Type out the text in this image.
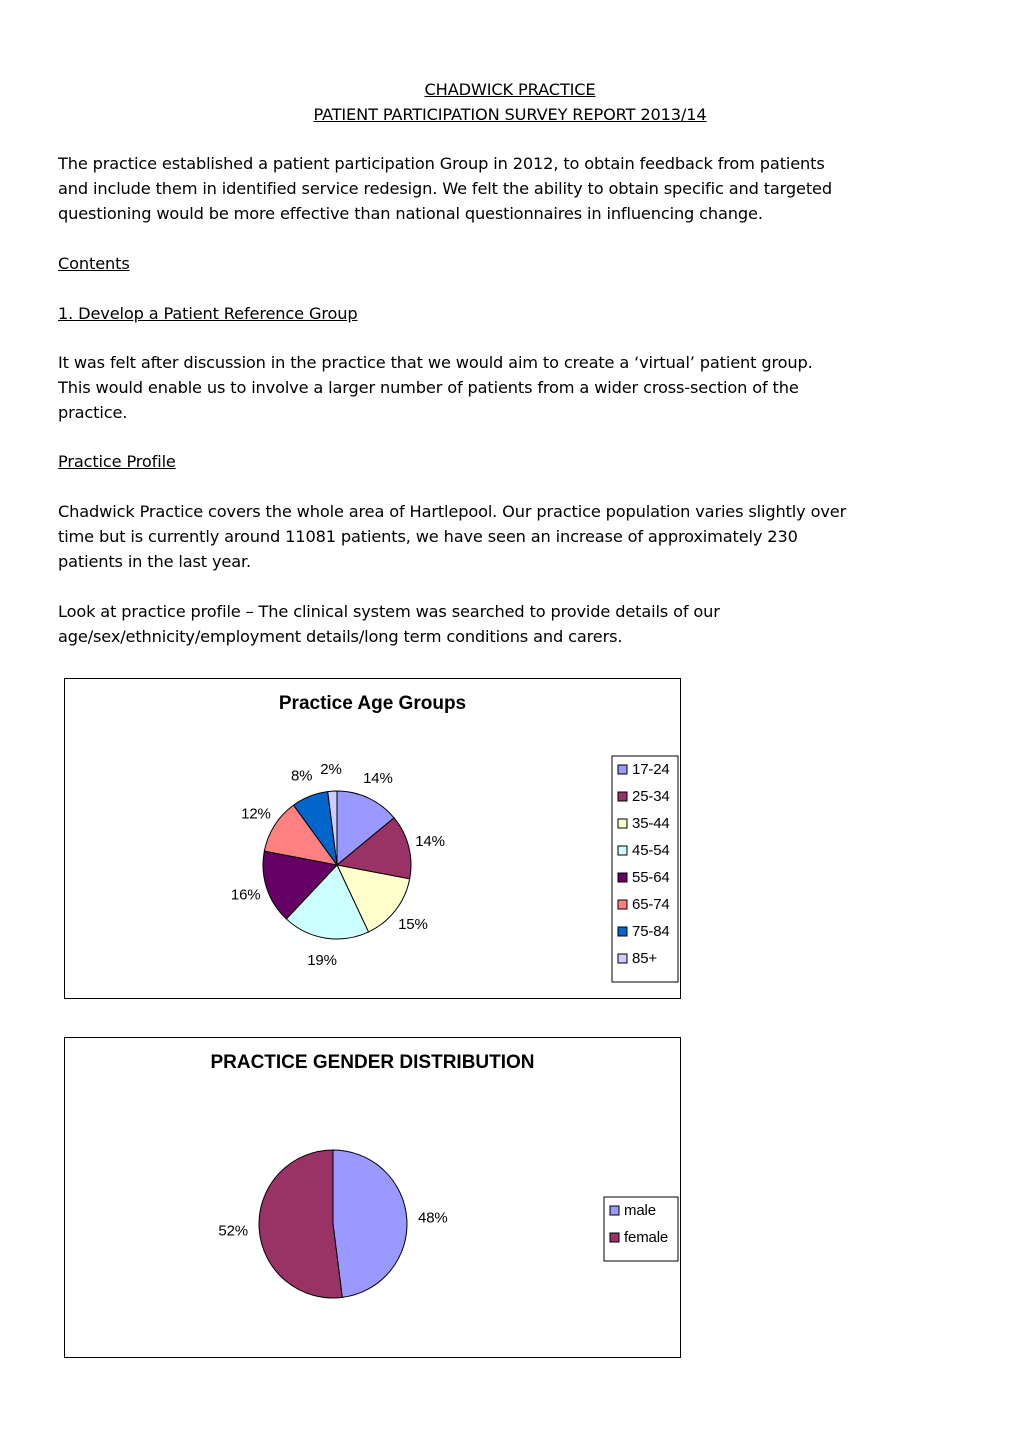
CHADWICK PRACTICE
PATIENT PARTICIPATION SURVEY REPORT 2013/14
The practice established a patient participation Group in 2012, to obtain feedback from patients
and include them in identified service redesign. We felt the ability to obtain specific and targeted
questioning would be more effective than national questionnaires in influencing change.
Contents
1. Develop a Patient Reference Group
It was felt after discussion in the practice that we would aim to create a ‘virtual’ patient group.
This would enable us to involve a larger number of patients from a wider cross-section of the
practice.
Practice Profile
Chadwick Practice covers the whole area of Hartlepool. Our practice population varies slightly over
time but is currently around 11081 patients, we have seen an increase of approximately 230
patients in the last year.
Look at practice profile – The clinical system was searched to provide details of our
age/sex/ethnicity/employment details/long term conditions and carers.
Practice Age Groups
14%
14%
15%
19%
16%
12%
8% 2%	17-24
25-34
35-44
45-54
55-64
65-74
75-84
85+
PRACTICE GENDER DISTRIBUTION
48%
52%
male
female
